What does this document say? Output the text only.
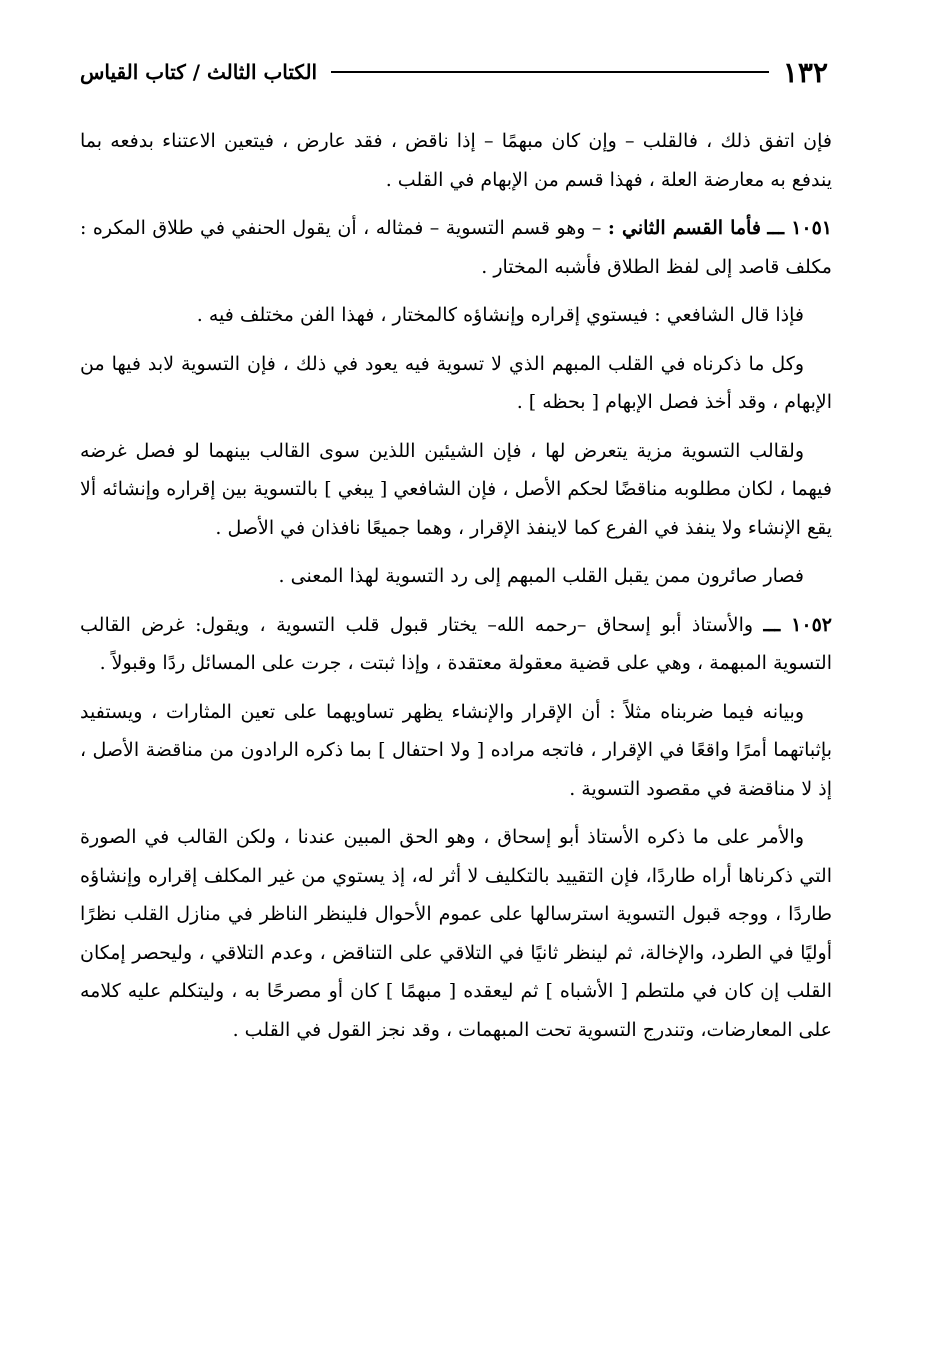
١٣٢
الكتاب الثالث / كتاب القياس

فإن اتفق ذلك ، فالقلب – وإن كان مبهمًا – إذا ناقض ، فقد عارض ، فيتعين الاعتناء بدفعه بما يندفع به معارضة العلة ، فهذا قسم من الإبهام في القلب .

١٠٥١ ـــ فأما القسم الثاني : – وهو قسم التسوية – فمثاله ، أن يقول الحنفي في طلاق المكره : مكلف قاصد إلى لفظ الطلاق فأشبه المختار .

فإذا قال الشافعي : فيستوي إقراره وإنشاؤه كالمختار ، فهذا الفن مختلف فيه .

وكل ما ذكرناه في القلب المبهم الذي لا تسوية فيه يعود في ذلك ، فإن التسوية لابد فيها من الإبهام ، وقد أخذ فصل الإبهام [ بحظه ] .

ولقالب التسوية مزية يتعرض لها ، فإن الشيئين اللذين سوى القالب بينهما لو فصل غرضه فيهما ، لكان مطلوبه مناقضًا لحكم الأصل ، فإن الشافعي [ يبغي ] بالتسوية بين إقراره وإنشائه ألا يقع الإنشاء ولا ينفذ في الفرع كما لاينفذ الإقرار ، وهما جميعًا نافذان في الأصل .

فصار صائرون ممن يقبل القلب المبهم إلى رد التسوية لهذا المعنى .

١٠٥٢ ـــ والأستاذ أبو إسحاق –رحمه الله– يختار قبول قلب التسوية ، ويقول: غرض القالب التسوية المبهمة ، وهي على قضية معقولة معتقدة ، وإذا ثبتت ، جرت على المسائل ردًا وقبولاً .

وبيانه فيما ضربناه مثلاً : أن الإقرار والإنشاء يظهر تساويهما على تعين المثارات ، ويستفيد بإثباتهما أمرًا واقعًا في الإقرار ، فاتجه مراده [ ولا احتفال ] بما ذكره الرادون من مناقضة الأصل ، إذ لا مناقضة في مقصود التسوية .

والأمر على ما ذكره الأستاذ أبو إسحاق ، وهو الحق المبين عندنا ، ولكن القالب في الصورة التي ذكرناها أراه طاردًا، فإن التقييد بالتكليف لا أثر له، إذ يستوي من غير المكلف إقراره وإنشاؤه طاردًا ، ووجه قبول التسوية استرسالها على عموم الأحوال فلينظر الناظر في منازل القلب نظرًا أوليًا في الطرد، والإخالة، ثم لينظر ثانيًا في التلاقي على التناقض ، وعدم التلاقي ، وليحصر إمكان القلب إن كان في ملتطم [ الأشباه ] ثم ليعقده [ مبهمًا ] كان أو مصرحًا به ، وليتكلم عليه كلامه على المعارضات، وتندرج التسوية تحت المبهمات ، وقد نجز القول في القلب .
